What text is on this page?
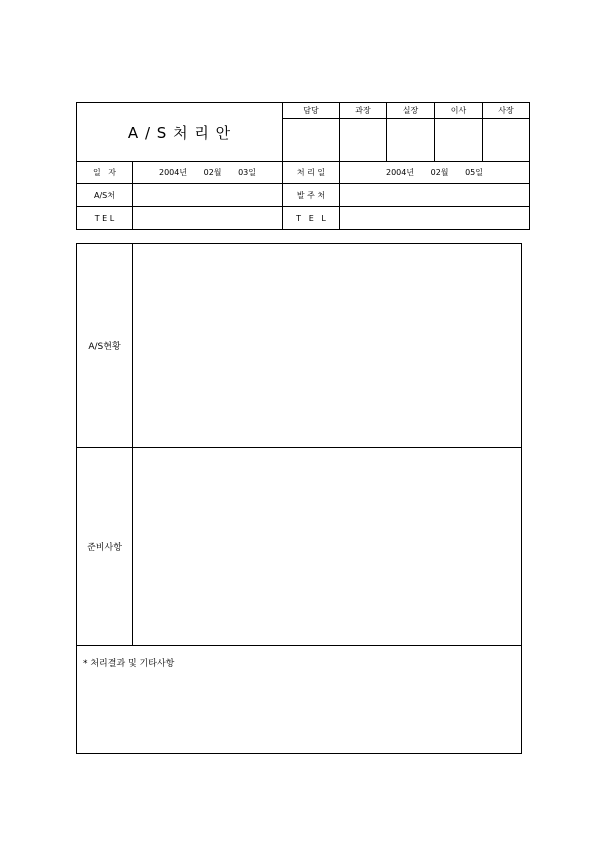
A / S 처 리 안		담당	과장	실장	이사	사장

일   자	2004년 02월 03일	처 리 일	2004년 02월 05일			
A/S처		발 주 처				
T E L		T   E   L				
A/S현황	
준비사항	

* 처리결과 및 기타사항	
